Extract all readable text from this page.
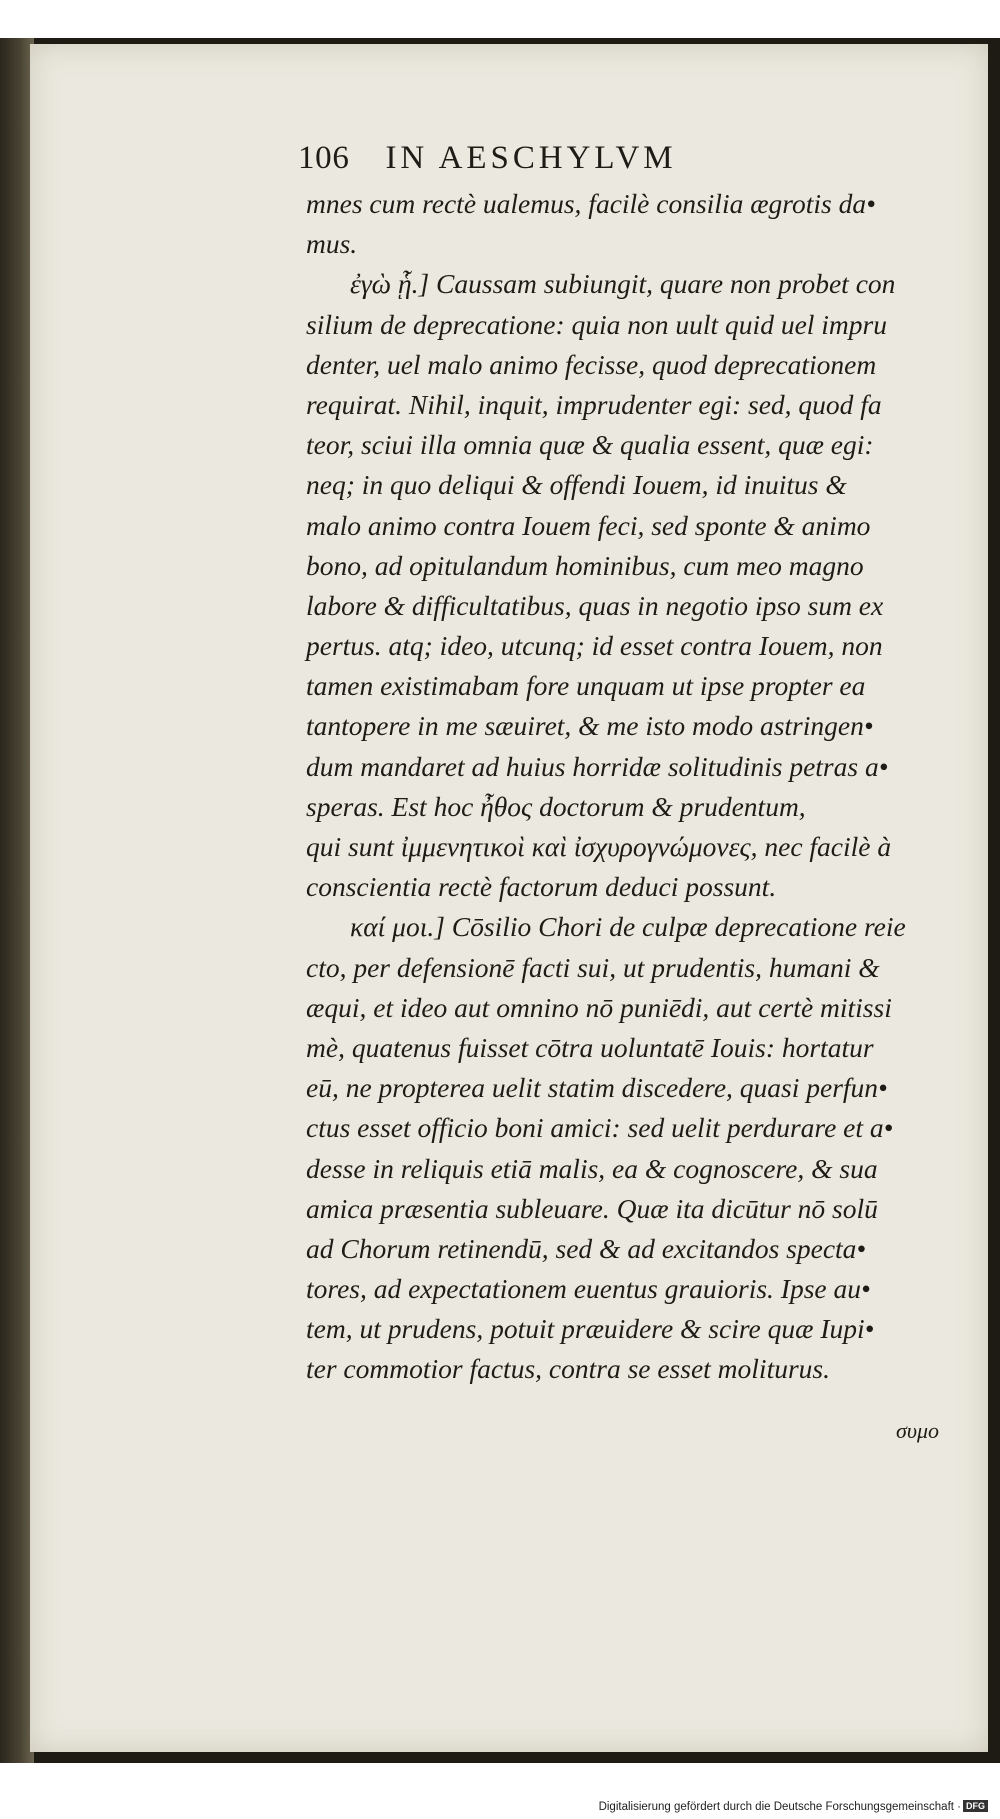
106 IN AESCHYLVM
mnes cum rectè ualemus, facilè consilia ægrotis da•
mus.
ἐγὼ ᾗ.] Caussam subiungit, quare non probet con
silium de deprecatione: quia non uult quid uel impru
denter, uel malo animo fecisse, quod deprecationem
requirat. Nihil, inquit, imprudenter egi: sed, quod fa
teor, sciui illa omnia quæ & qualia essent, quæ egi:
neq; in quo deliqui & offendi Iouem, id inuitus &
malo animo contra Iouem feci, sed sponte & animo
bono, ad opitulandum hominibus, cum meo magno
labore & difficultatibus, quas in negotio ipso sum ex
pertus. atq; ideo, utcunq; id esset contra Iouem, non
tamen existimabam fore unquam ut ipse propter ea
tantopere in me sæuiret, & me isto modo astringen•
dum mandaret ad huius horridæ solitudinis petras a•
speras. Est hoc ἦθος doctorum & prudentum,
qui sunt ἰμμενητικοὶ καὶ ἰσχυρογνώμονες, nec facilè à
conscientia rectè factorum deduci possunt.
καί μοι.] Cōsilio Chori de culpæ deprecatione reie
cto, per defensionē facti sui, ut prudentis, humani &
æqui, et ideo aut omnino nō puniēdi, aut certè mitissi
mè, quatenus fuisset cōtra uoluntatē Iouis: hortatur
eū, ne propterea uelit statim discedere, quasi perfun•
ctus esset officio boni amici: sed uelit perdurare et a•
desse in reliquis etiā malis, ea & cognoscere, & sua
amica præsentia subleuare. Quæ ita dicūtur nō solū
ad Chorum retinendū, sed & ad excitandos specta•
tores, ad expectationem euentus grauioris. Ipse au•
tem, ut prudens, potuit præuidere & scire quæ Iupi•
ter commotior factus, contra se esset moliturus.
συμο
Digitalisierung gefördert durch die Deutsche Forschungsgemeinschaft · DFG
